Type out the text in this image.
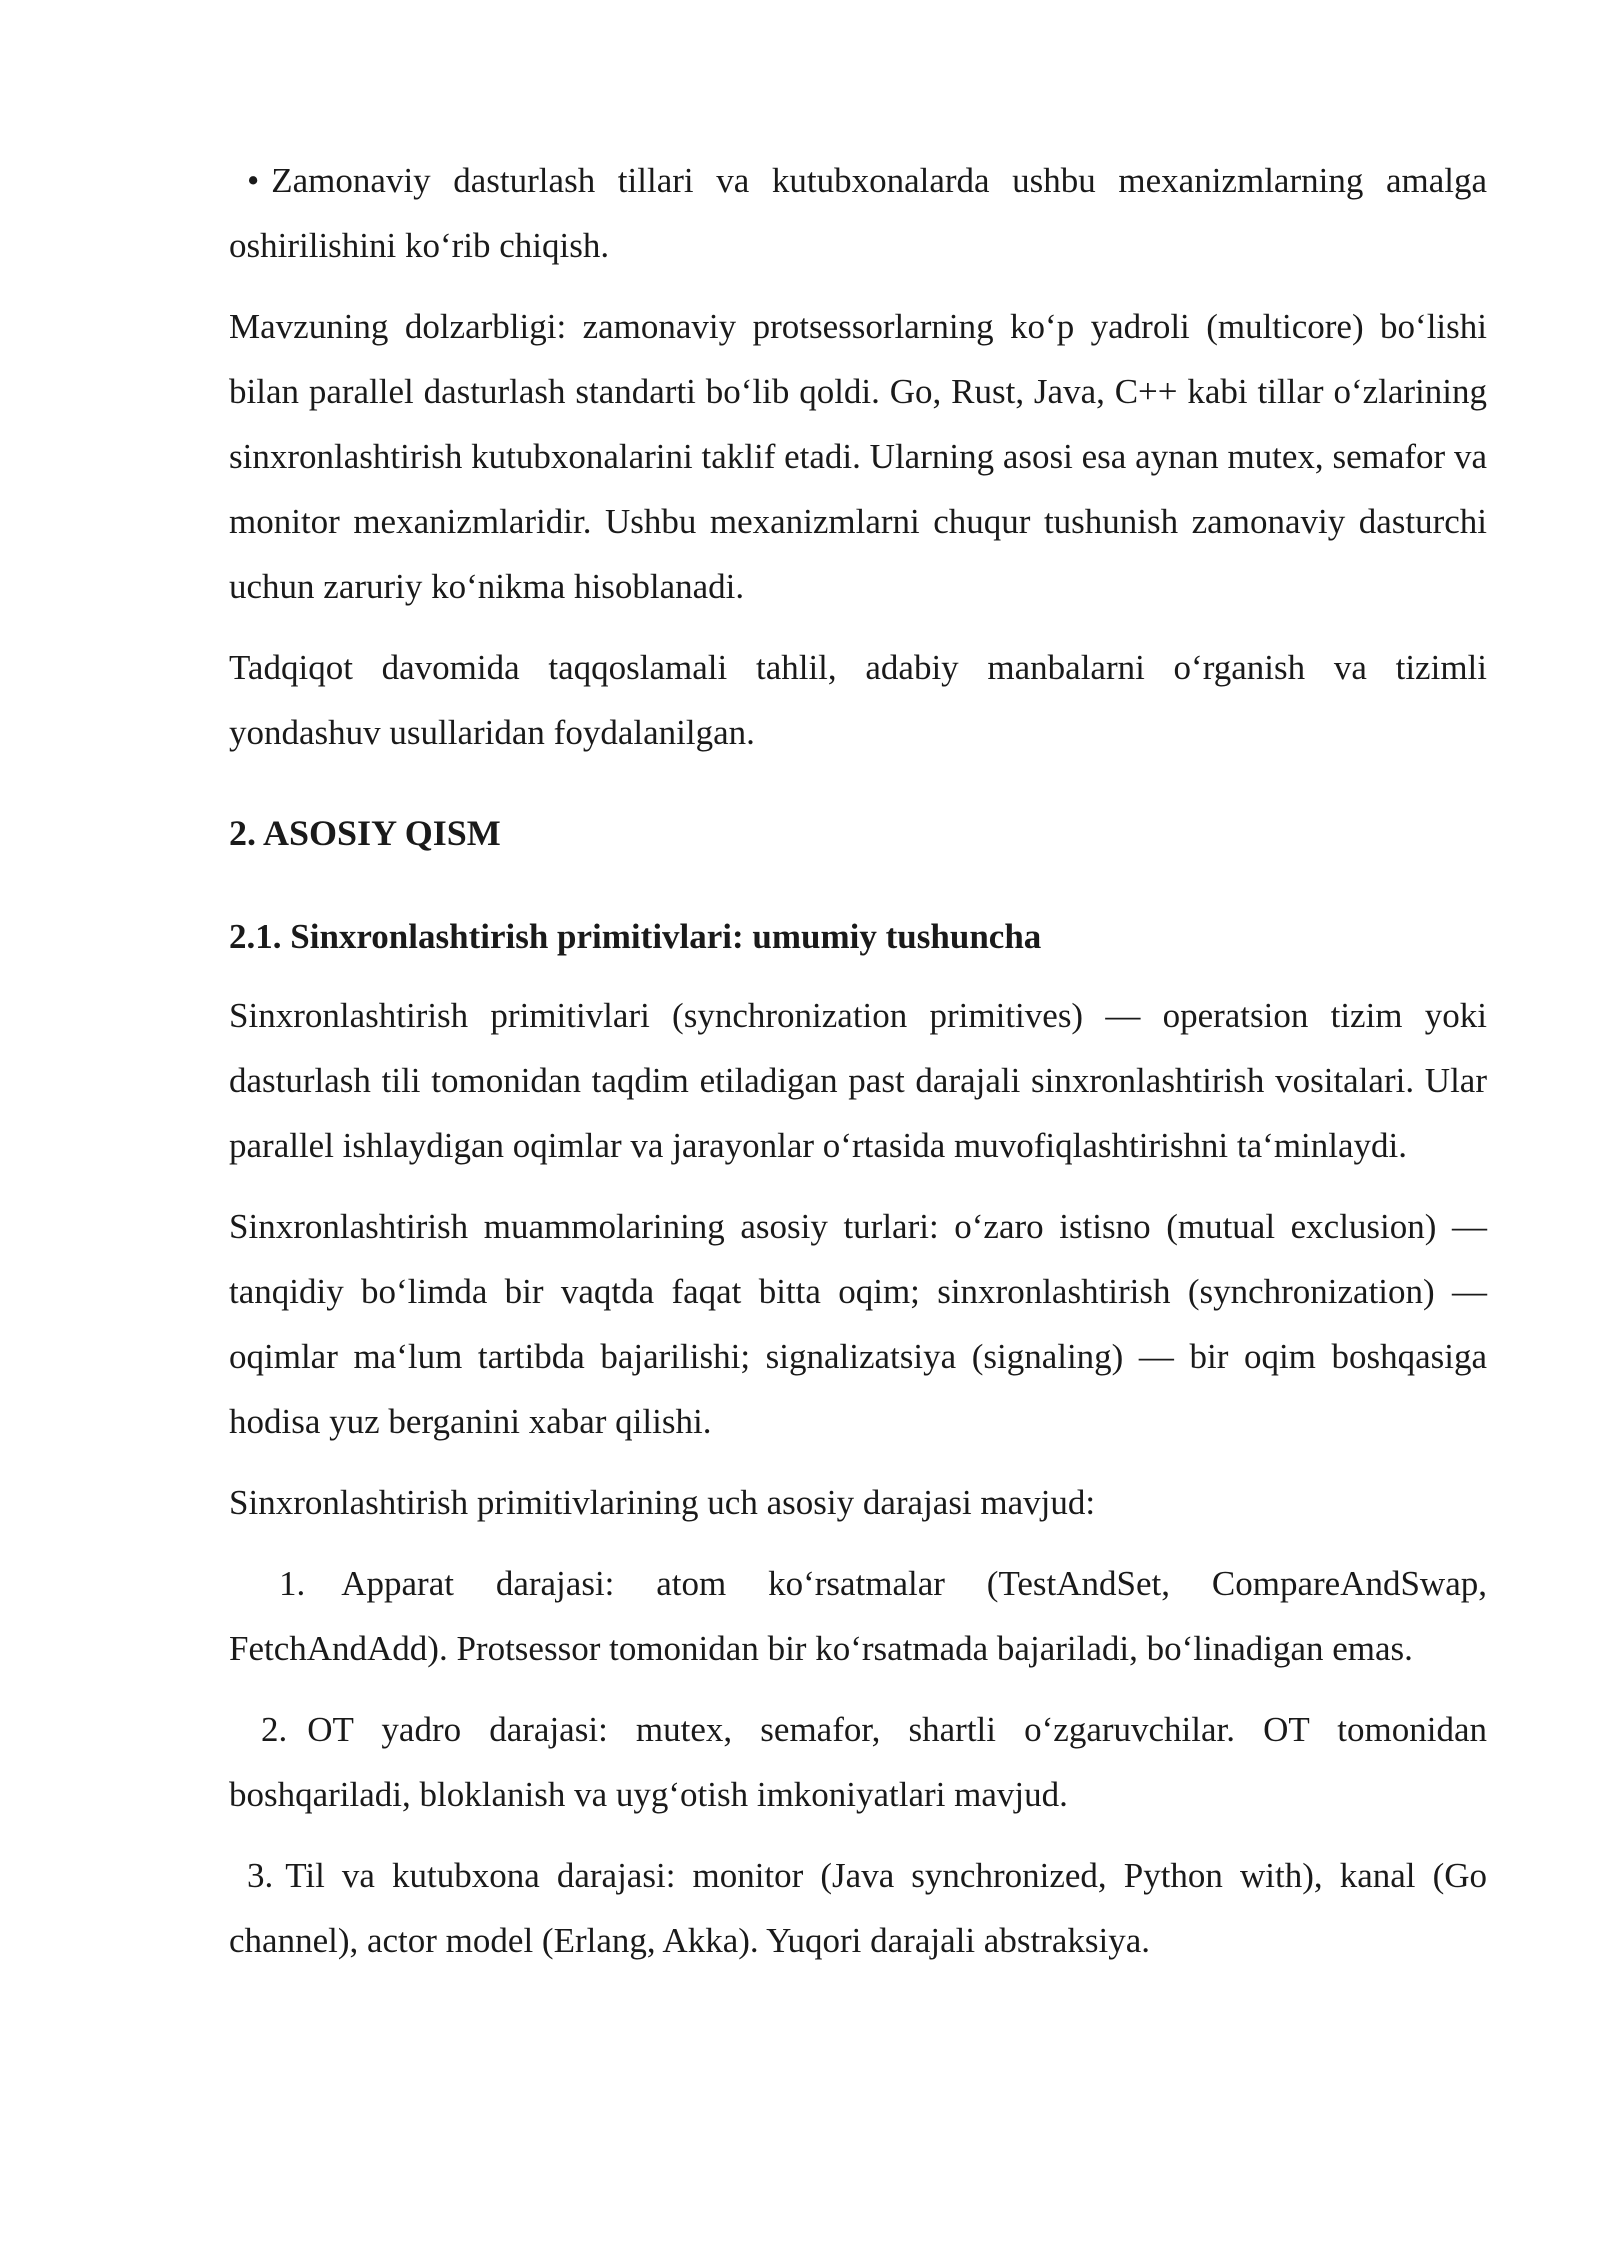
• Zamonaviy dasturlash tillari va kutubxonalarda ushbu mexanizmlarning amalga oshirilishini ko‘rib chiqish.

Mavzuning dolzarbligi: zamonaviy protsessorlarning ko‘p yadroli (multicore) bo‘lishi bilan parallel dasturlash standarti bo‘lib qoldi. Go, Rust, Java, C++ kabi tillar o‘zlarining sinxronlashtirish kutubxonalarini taklif etadi. Ularning asosi esa aynan mutex, semafor va monitor mexanizmlaridir. Ushbu mexanizmlarni chuqur tushunish zamonaviy dasturchi uchun zaruriy ko‘nikma hisoblanadi.

Tadqiqot davomida taqqoslamali tahlil, adabiy manbalarni o‘rganish va tizimli yondashuv usullaridan foydalanilgan.

2. ASOSIY QISM
2.1. Sinxronlashtirish primitivlari: umumiy tushuncha

Sinxronlashtirish primitivlari (synchronization primitives) — operatsion tizim yoki dasturlash tili tomonidan taqdim etiladigan past darajali sinxronlashtirish vositalari. Ular parallel ishlaydigan oqimlar va jarayonlar o‘rtasida muvofiqlashtirishni ta‘minlaydi.

Sinxronlashtirish muammolarining asosiy turlari: o‘zaro istisno (mutual exclusion) — tanqidiy bo‘limda bir vaqtda faqat bitta oqim; sinxronlashtirish (synchronization) — oqimlar ma‘lum tartibda bajarilishi; signalizatsiya (signaling) — bir oqim boshqasiga hodisa yuz berganini xabar qilishi.

Sinxronlashtirish primitivlarining uch asosiy darajasi mavjud:

1. Apparat darajasi: atom ko‘rsatmalar (TestAndSet, CompareAndSwap, FetchAndAdd). Protsessor tomonidan bir ko‘rsatmada bajariladi, bo‘linadigan emas.

2. OT yadro darajasi: mutex, semafor, shartli o‘zgaruvchilar. OT tomonidan boshqariladi, bloklanish va uyg‘otish imkoniyatlari mavjud.

3. Til va kutubxona darajasi: monitor (Java synchronized, Python with), kanal (Go channel), actor model (Erlang, Akka). Yuqori darajali abstraksiya.
